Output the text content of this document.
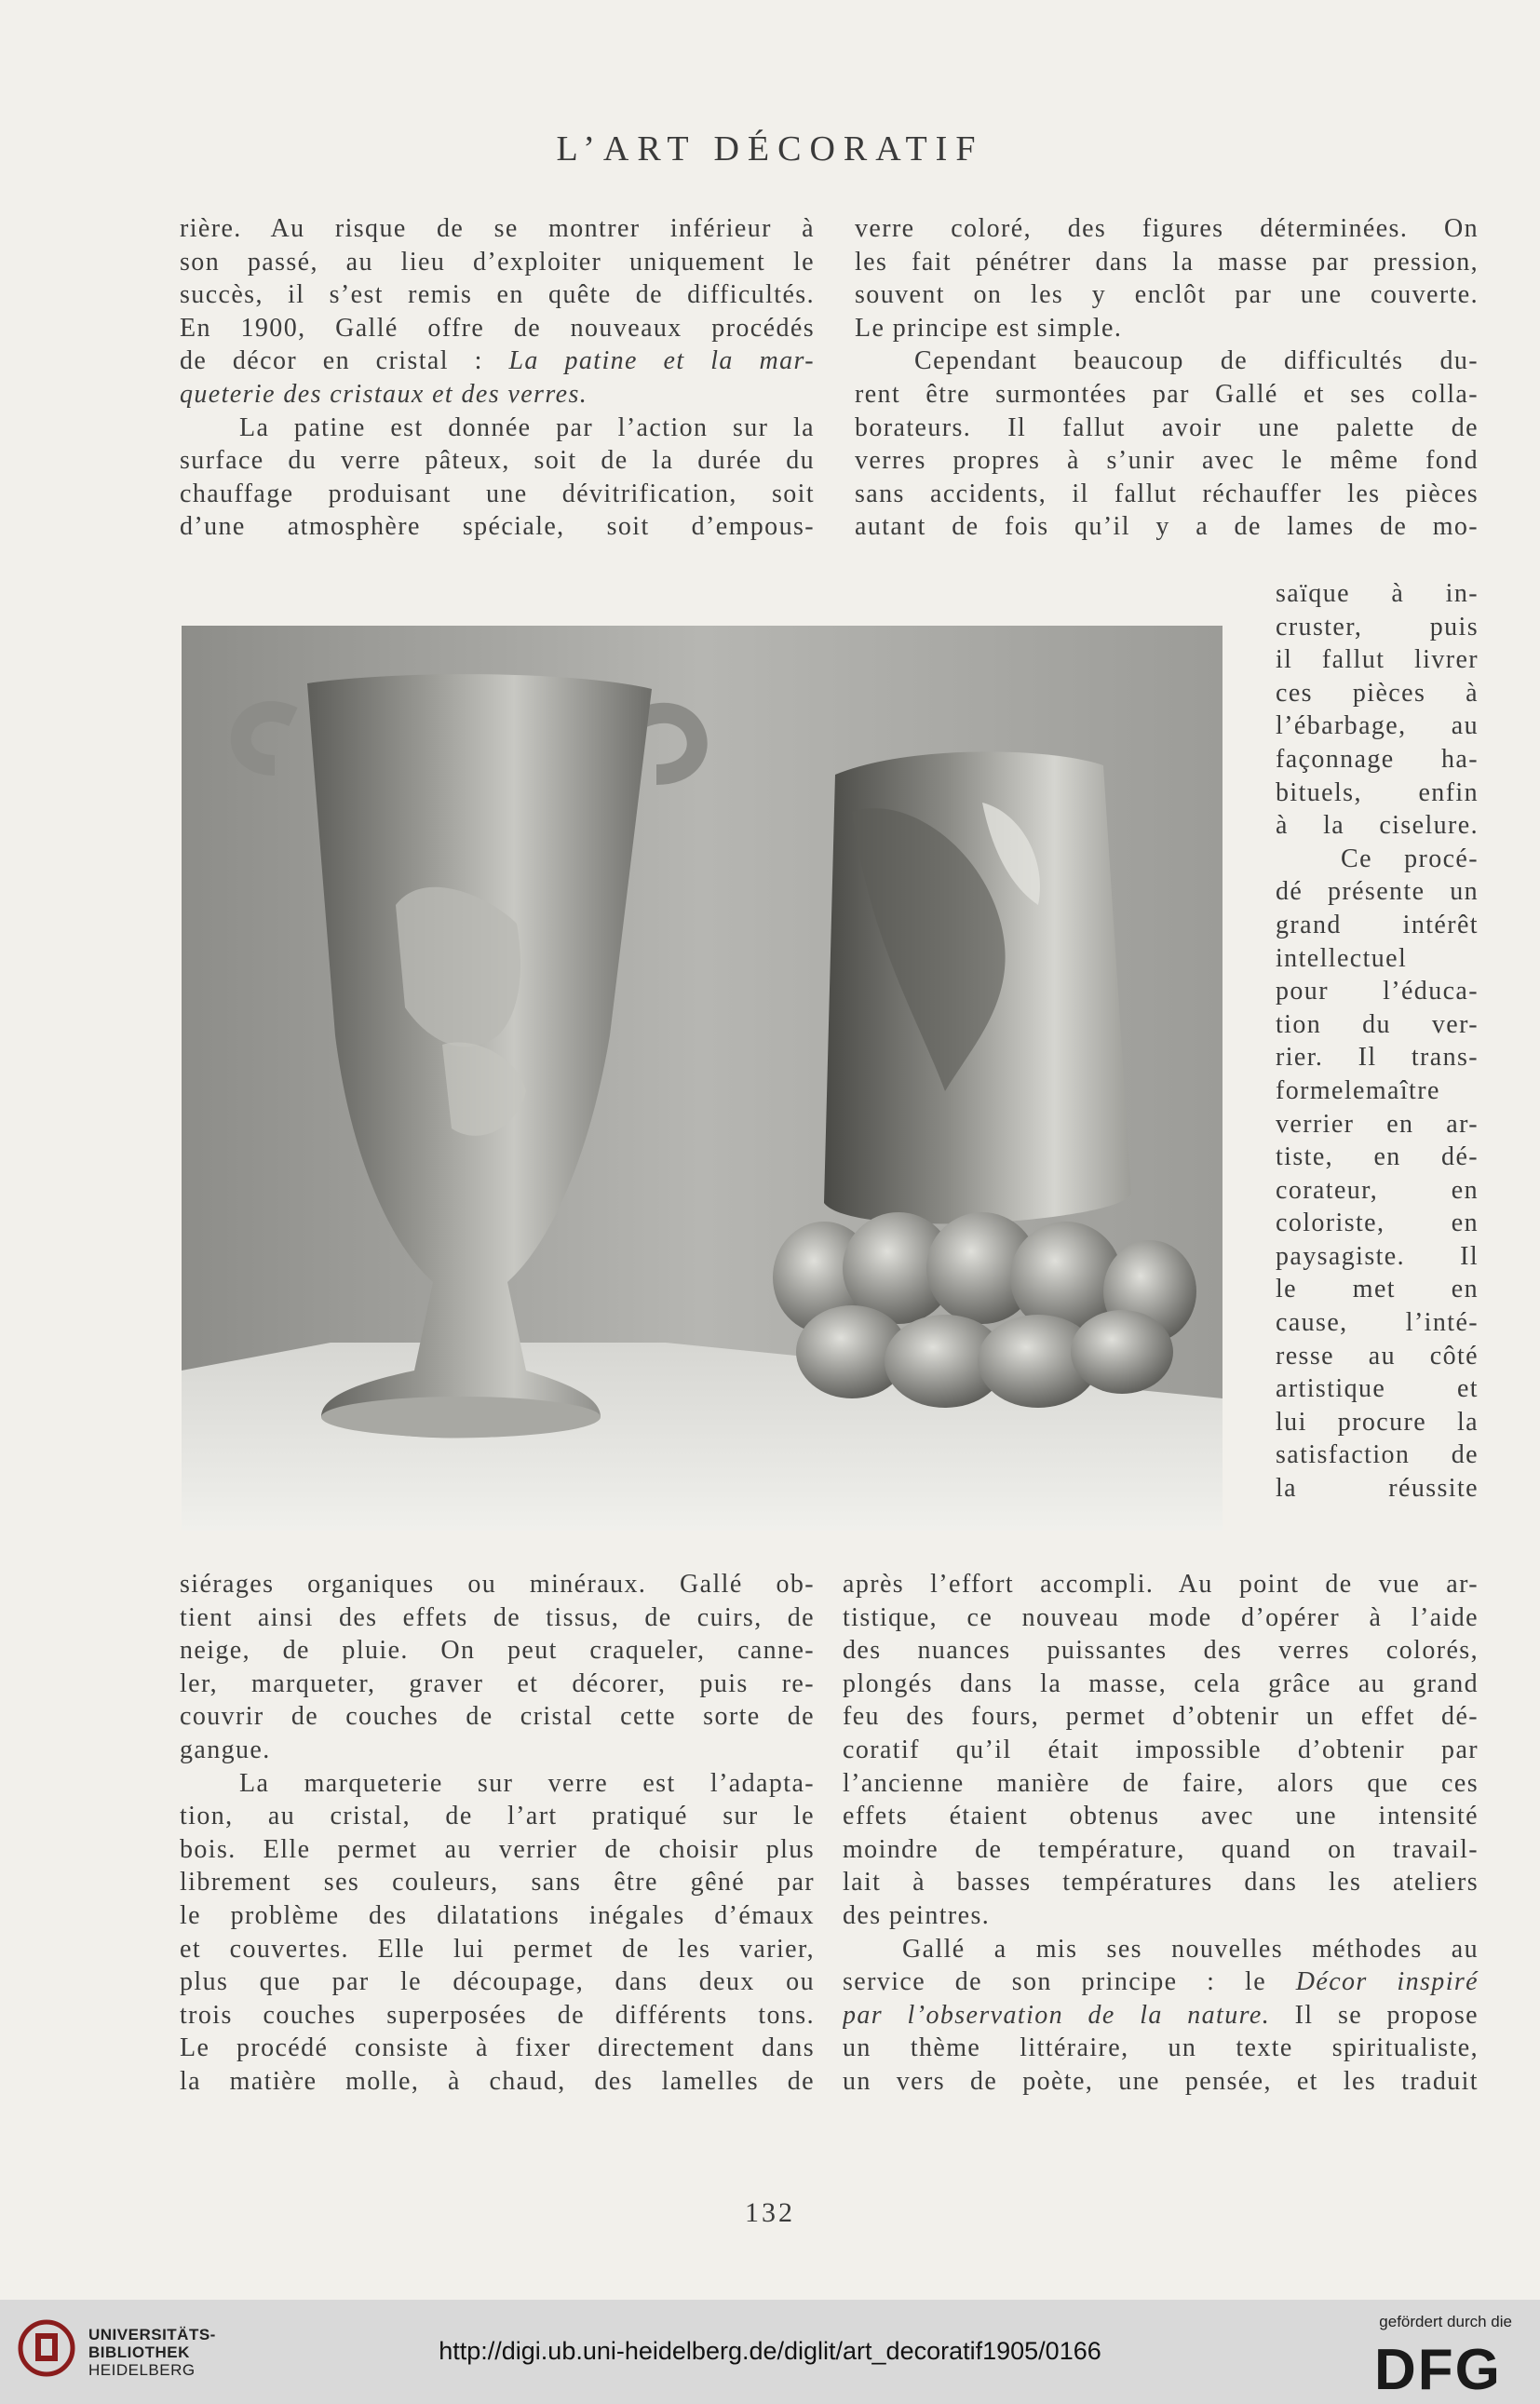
L’ART DÉCORATIF

rière. Au risque de se montrer inférieur à
son passé, au lieu d’exploiter uniquement le
succès, il s’est remis en quête de difficultés.
En 1900, Gallé offre de nouveaux procédés
de décor en cristal : La patine et la mar-
queterie des cristaux et des verres.

La patine est donnée par l’action sur la
surface du verre pâteux, soit de la durée du
chauffage produisant une dévitrification, soit
d’une atmosphère spéciale, soit d’empous-

verre coloré, des figures déterminées. On
les fait pénétrer dans la masse par pression,
souvent on les y enclôt par une couverte.
Le principe est simple.

Cependant beaucoup de difficultés du-
rent être surmontées par Gallé et ses colla-
borateurs. Il fallut avoir une palette de
verres propres à s’unir avec le même fond
sans accidents, il fallut réchauffer les pièces
autant de fois qu’il y a de lames de mo-

saïque à in-
cruster, puis
il fallut livrer
ces pièces à
l’ébarbage, au
façonnage ha-
bituels, enfin
à la ciselure.

Ce procé-
dé présente un
grand intérêt
intellectuel
pour l’éduca-
tion du ver-
rier. Il trans-
formelemaître
verrier en ar-
tiste, en dé-
corateur, en
coloriste, en
paysagiste. Il
le met en
cause, l’inté-
resse au côté
artistique et
lui procure la
satisfaction de
la réussite

siérages organiques ou minéraux. Gallé ob-
tient ainsi des effets de tissus, de cuirs, de
neige, de pluie. On peut craqueler, canne-
ler, marqueter, graver et décorer, puis re-
couvrir de couches de cristal cette sorte de
gangue.

La marqueterie sur verre est l’adapta-
tion, au cristal, de l’art pratiqué sur le
bois. Elle permet au verrier de choisir plus
librement ses couleurs, sans être gêné par
le problème des dilatations inégales d’émaux
et couvertes. Elle lui permet de les varier,
plus que par le découpage, dans deux ou
trois couches superposées de différents tons.
Le procédé consiste à fixer directement dans
la matière molle, à chaud, des lamelles de

après l’effort accompli. Au point de vue ar-
tistique, ce nouveau mode d’opérer à l’aide
des nuances puissantes des verres colorés,
plongés dans la masse, cela grâce au grand
feu des fours, permet d’obtenir un effet dé-
coratif qu’il était impossible d’obtenir par
l’ancienne manière de faire, alors que ces
effets étaient obtenus avec une intensité
moindre de température, quand on travail-
lait à basses températures dans les ateliers
des peintres.

Gallé a mis ses nouvelles méthodes au
service de son principe : le Décor inspiré
par l’observation de la nature. Il se propose
un thème littéraire, un texte spiritualiste,
un vers de poète, une pensée, et les traduit

132
UNIVERSITÄTS-
BIBLIOTHEK
HEIDELBERG
http://digi.ub.uni-heidelberg.de/diglit/art_decoratif1905/0166
gefördert durch die
DFG
